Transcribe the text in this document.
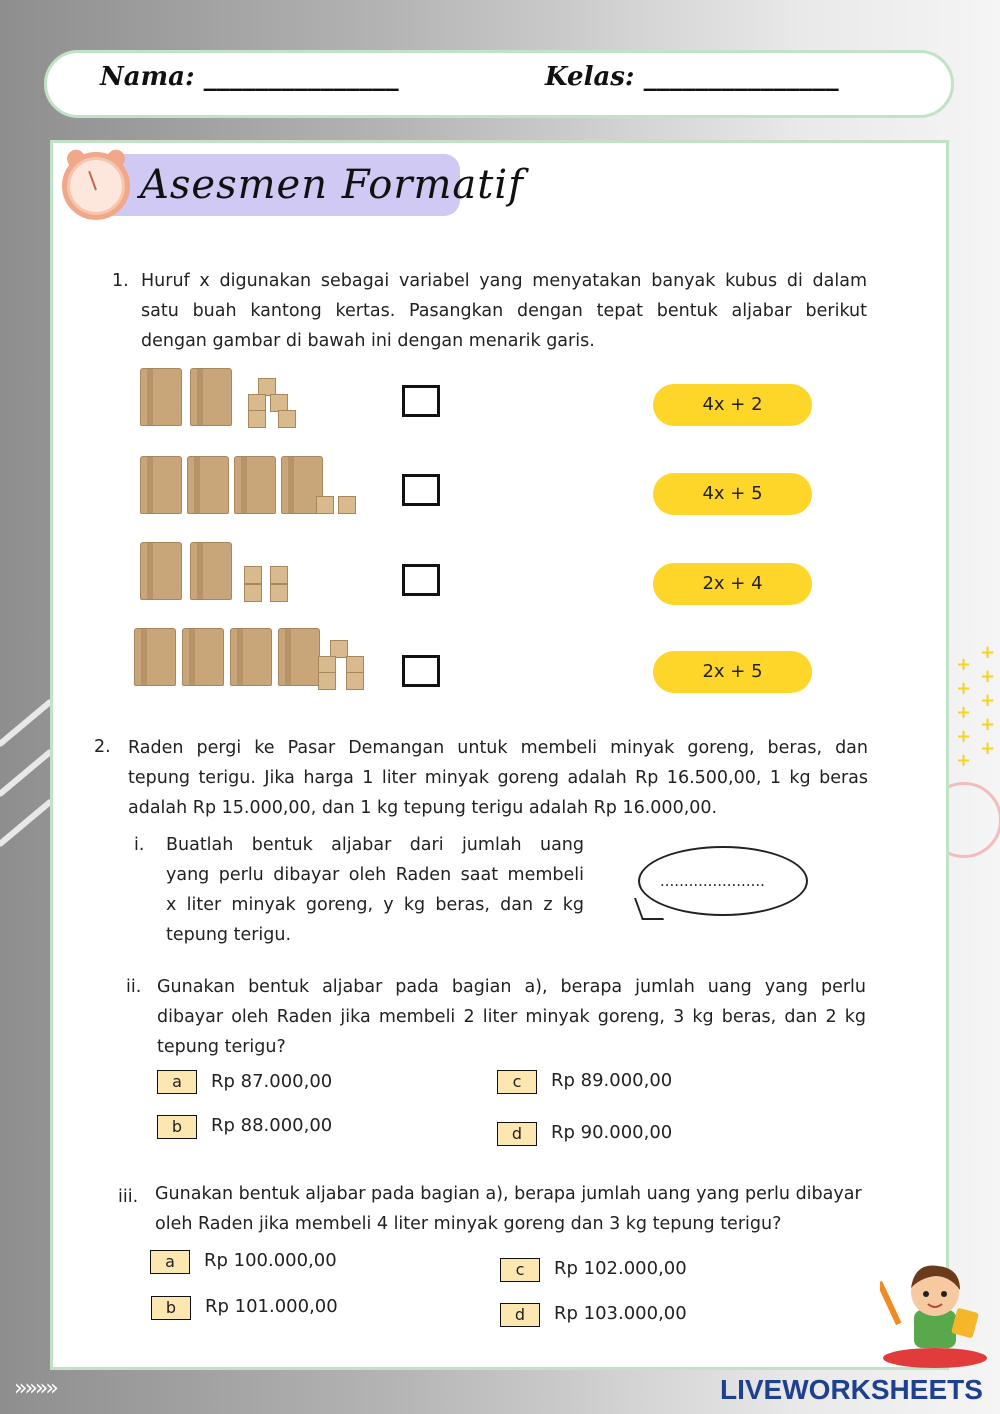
Nama: _______________	Kelas: _______________
Asesmen Formatif
1. Huruf x digunakan sebagai variabel yang menyatakan banyak kubus di dalam
satu buah kantong kertas. Pasangkan dengan tepat bentuk aljabar berikut
dengan gambar di bawah ini dengan menarik garis.
4x + 2
4x + 5
2x + 4
2x + 5
2. Raden pergi ke Pasar Demangan untuk membeli minyak goreng, beras, dan
tepung terigu. Jika harga 1 liter minyak goreng adalah Rp 16.500,00, 1 kg beras
adalah Rp 15.000,00, dan 1 kg tepung terigu adalah Rp 16.000,00.
i. Buatlah bentuk aljabar dari jumlah uang
yang perlu dibayar oleh Raden saat membeli
x liter minyak goreng, y kg beras, dan z kg
tepung terigu.
......................
ii. Gunakan bentuk aljabar pada bagian a), berapa jumlah uang yang perlu
dibayar oleh Raden jika membeli 2 liter minyak goreng, 3 kg beras, dan 2 kg
tepung terigu?
a	Rp 87.000,00
b	Rp 88.000,00
c	Rp 89.000,00
d	Rp 90.000,00
iii. Gunakan bentuk aljabar pada bagian a), berapa jumlah uang yang perlu dibayar
oleh Raden jika membeli 4 liter minyak goreng dan 3 kg tepung terigu?
a	Rp 100.000,00
b	Rp 101.000,00
c	Rp 102.000,00
d	Rp 103.000,00
+
+
+
+
+
+
+
+
+
+
»»»»	LIVEWORKSHEETS
